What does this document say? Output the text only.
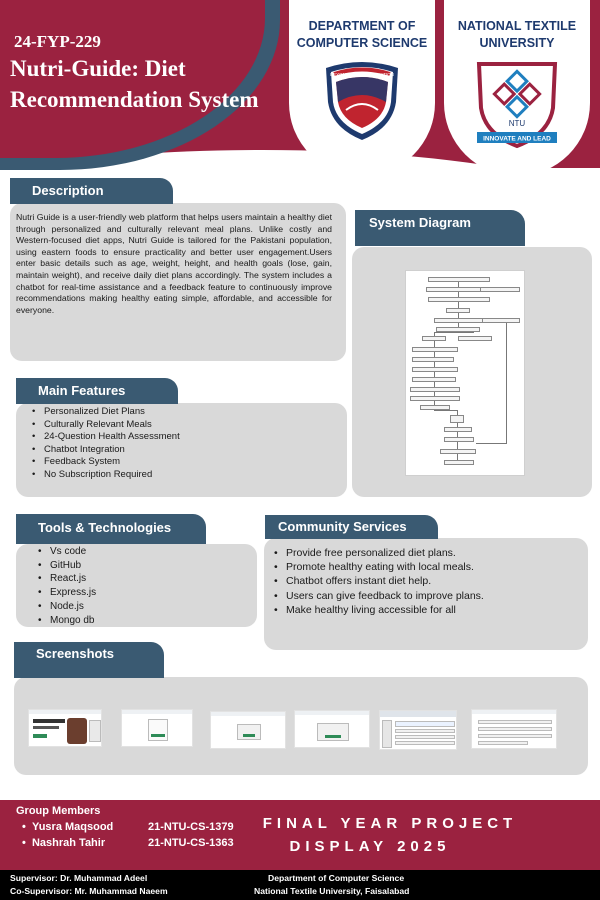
24-FYP-229
Nutri-Guide: Diet Recommendation System
DEPARTMENT OF COMPUTER SCIENCE
BEYOND YOUR IMAGINATION
NATIONAL TEXTILE UNIVERSITY
NTU
INNOVATE AND LEAD
Description
Nutri Guide is a user-friendly web platform that helps users maintain a healthy diet through personalized and culturally relevant meal plans. Unlike costly and Western-focused diet apps, Nutri Guide is tailored for the Pakistani population, using eastern foods to ensure practicality and better user engagement.Users enter basic details such as age, weight, height, and health goals (lose, gain, maintain weight), and receive daily diet plans accordingly. The system includes a chatbot for real-time assistance and a feedback feature to continuously improve recommendations making healthy eating simple, affordable, and accessible for everyone.
Main Features
• Personalized Diet Plans
• Culturally Relevant Meals
• 24-Question Health Assessment
• Chatbot Integration
• Feedback System
• No Subscription Required
System Diagram
Tools & Technologies
• Vs code
• GitHub
• React.js
• Express.js
• Node.js
• Mongo db
Community Services
• Provide free personalized diet plans.
• Promote healthy eating with local meals.
• Chatbot offers instant diet help.
• Users can give feedback to improve plans.
• Make healthy living accessible for all
Screenshots
Group Members
•  Yusra Maqsood	21-NTU-CS-1379
•  Nashrah Tahir	21-NTU-CS-1363
FINAL YEAR PROJECT
DISPLAY 2025
Supervisor: Dr. Muhammad Adeel
Co-Supervisor: Mr. Muhammad Naeem
Department of Computer Science
National Textile University, Faisalabad
